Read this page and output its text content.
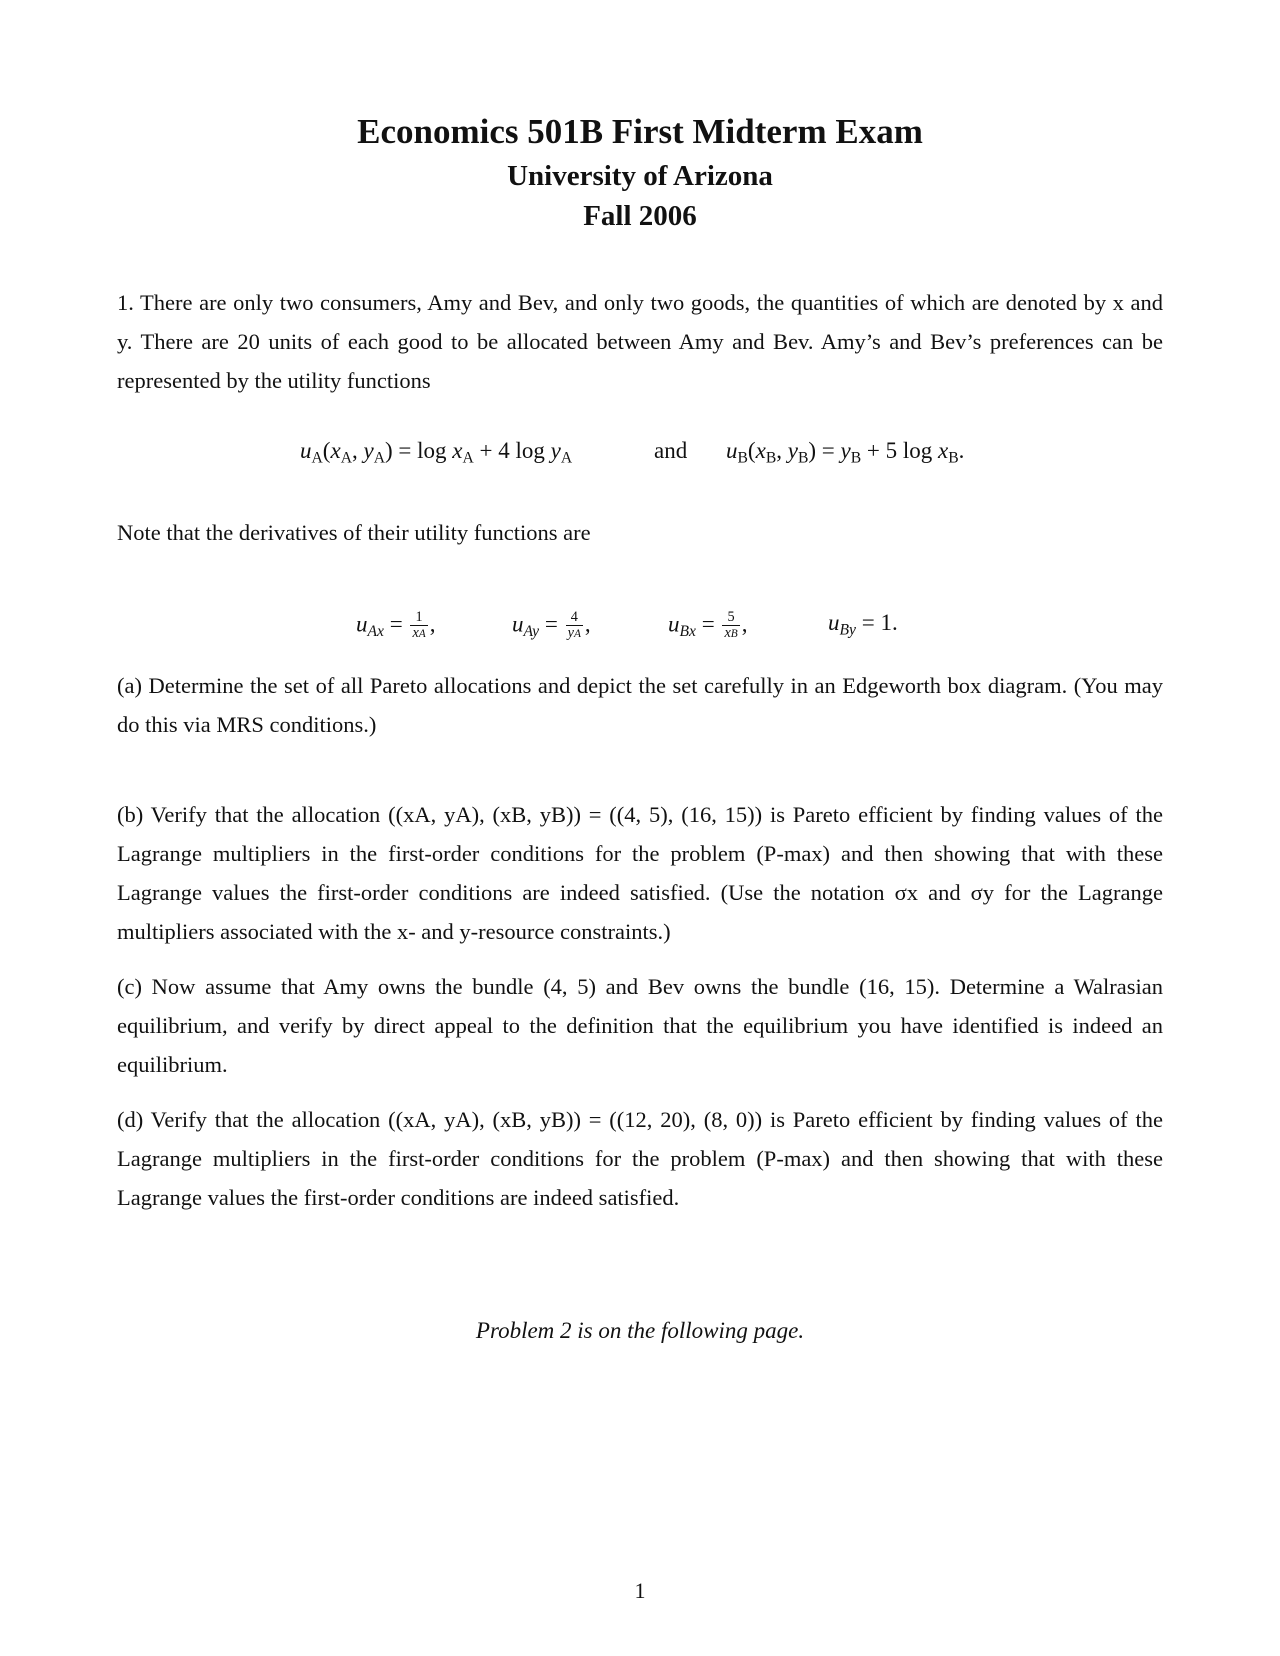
Economics 501B First Midterm Exam
University of Arizona
Fall 2006

1. There are only two consumers, Amy and Bev, and only two goods, the quantities of which are denoted by x and y. There are 20 units of each good to be allocated between Amy and Bev. Amy’s and Bev’s preferences can be represented by the utility functions

$u_A(x_A$, $y_A) = \log x_A + 4$ $\log y_A$	and $u_B(x_B$, $y_B) = y_B + 5$ $\log x_B$.

Note that the derivatives of their utility functions are

$u_{Ax} = \frac{1}{xA}$ ,	$u_{Ay} = \frac{4}{yA}$ ,	$u_{Bx} = \frac{5}{xB}$ ,	$u_{By} = 1$.

(a) Determine the set of all Pareto allocations and depict the set carefully in an Edgeworth box diagram. (You may do this via MRS conditions.)

(b) Verify that the allocation ((xA, yA), (xB, yB)) = ((4, 5), (16, 15)) is Pareto efficient by finding values of the Lagrange multipliers in the first-order conditions for the problem (P-max) and then showing that with these Lagrange values the first-order conditions are indeed satisfied. (Use the notation σx and σy for the Lagrange multipliers associated with the x- and y-resource constraints.)

(c) Now assume that Amy owns the bundle (4, 5) and Bev owns the bundle (16, 15). Determine a Walrasian equilibrium, and verify by direct appeal to the definition that the equilibrium you have identified is indeed an equilibrium.

(d) Verify that the allocation ((xA, yA), (xB, yB)) = ((12, 20), (8, 0)) is Pareto efficient by finding values of the Lagrange multipliers in the first-order conditions for the problem (P-max) and then showing that with these Lagrange values the first-order conditions are indeed satisfied.

Problem 2 is on the following page.
1
